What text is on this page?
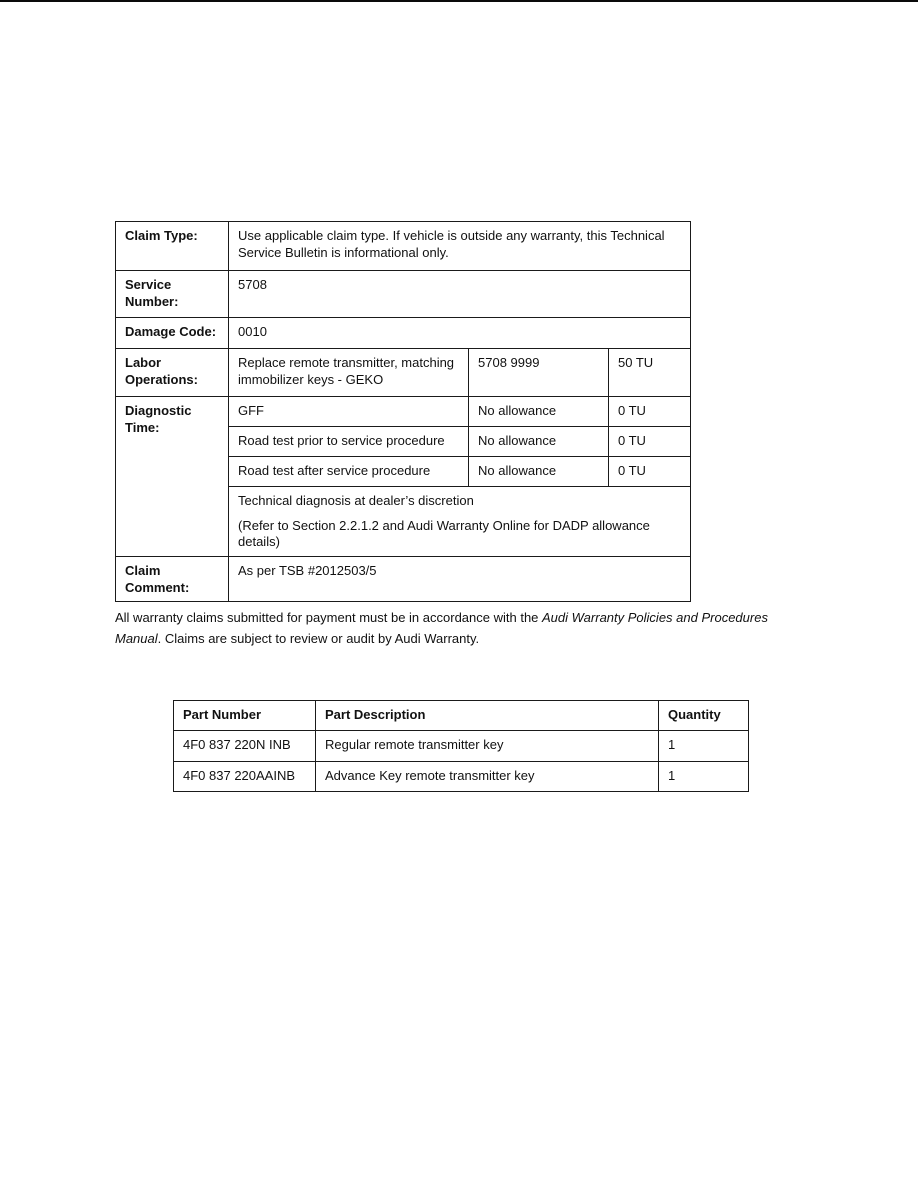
Claim Type:	Use applicable claim type. If vehicle is outside any warranty, this Technical Service Bulletin is informational only.		
Service Number:	5708		
Damage Code:	0010		
Labor Operations:	Replace remote transmitter, matching immobilizer keys - GEKO	5708 9999	50 TU
Diagnostic Time:	GFF	No allowance	0 TU
	Road test prior to service procedure	No allowance	0 TU
	Road test after service procedure	No allowance	0 TU

	Technical diagnosis at dealer’s discretion
(Refer to Section 2.2.1.2 and Audi Warranty Online for DADP allowance details)		

Claim Comment:	As per TSB #2012503/5		

All warranty claims submitted for payment must be in accordance with the Audi Warranty Policies and Procedures Manual. Claims are subject to review or audit by Audi Warranty.

Part Number	Part Description	Quantity
4F0 837 220N INB	Regular remote transmitter key	1
4F0 837 220AAINB	Advance Key remote transmitter key	1
